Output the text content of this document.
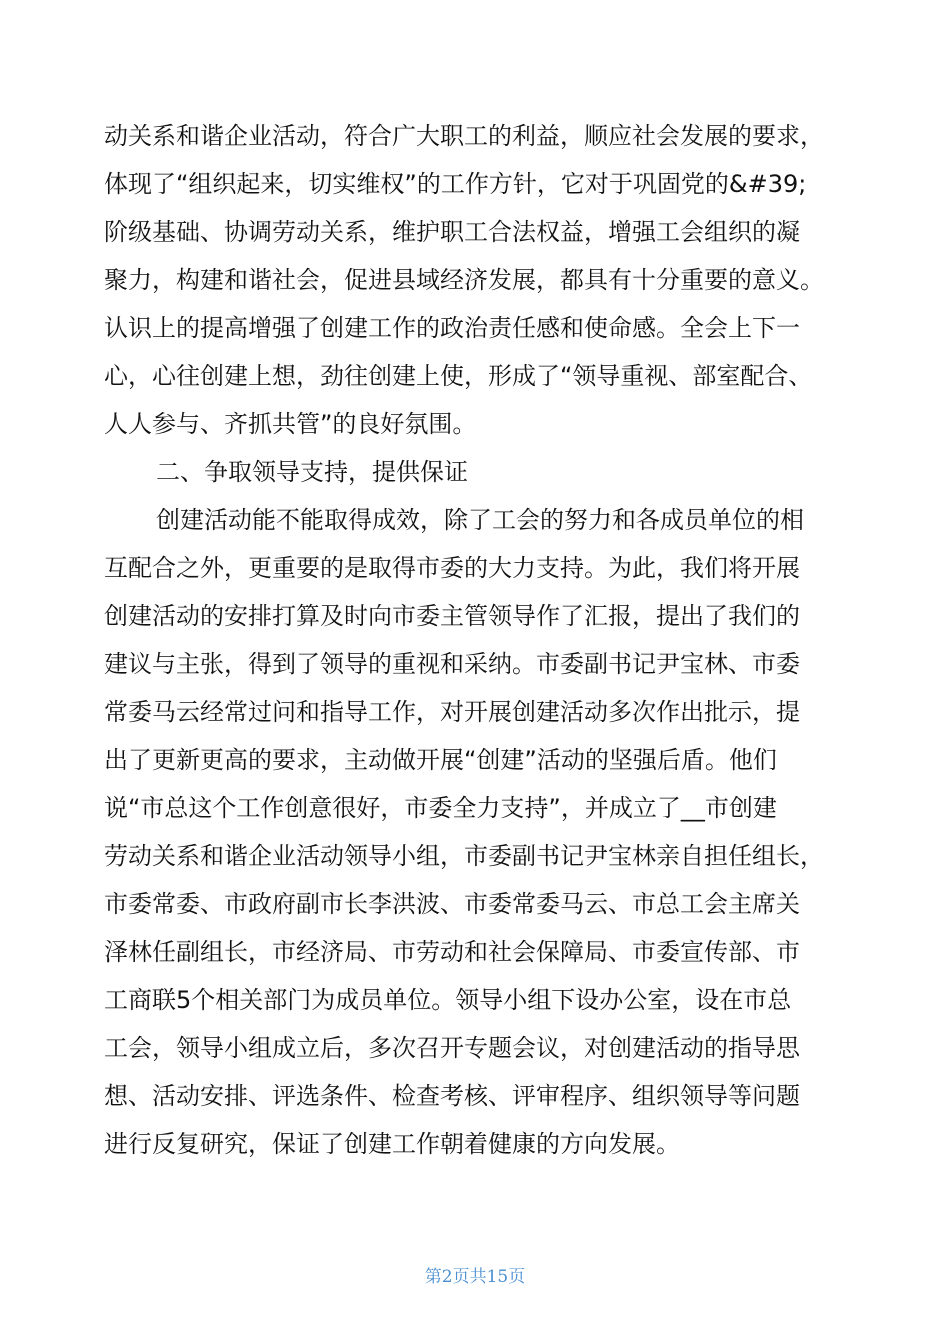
动关系和谐企业活动，符合广大职工的利益，顺应社会发展的要求，

体现了“组织起来，切实维权”的工作方针，它对于巩固党的&#39;

阶级基础、协调劳动关系，维护职工合法权益，增强工会组织的凝

聚力，构建和谐社会，促进县域经济发展，都具有十分重要的意义。

认识上的提高增强了创建工作的政治责任感和使命感。全会上下一

心，心往创建上想，劲往创建上使，形成了“领导重视、部室配合、

人人参与、齐抓共管”的良好氛围。

二、争取领导支持，提供保证

创建活动能不能取得成效，除了工会的努力和各成员单位的相

互配合之外，更重要的是取得市委的大力支持。为此，我们将开展

创建活动的安排打算及时向市委主管领导作了汇报，提出了我们的

建议与主张，得到了领导的重视和采纳。市委副书记尹宝林、市委

常委马云经常过问和指导工作，对开展创建活动多次作出批示，提

出了更新更高的要求，主动做开展“创建”活动的坚强后盾。他们

说“市总这个工作创意很好，市委全力支持”，并成立了__市创建

劳动关系和谐企业活动领导小组，市委副书记尹宝林亲自担任组长，

市委常委、市政府副市长李洪波、市委常委马云、市总工会主席关

泽林任副组长，市经济局、市劳动和社会保障局、市委宣传部、市

工商联5个相关部门为成员单位。领导小组下设办公室，设在市总

工会，领导小组成立后，多次召开专题会议，对创建活动的指导思

想、活动安排、评选条件、检查考核、评审程序、组织领导等问题

进行反复研究，保证了创建工作朝着健康的方向发展。

第2页共15页
